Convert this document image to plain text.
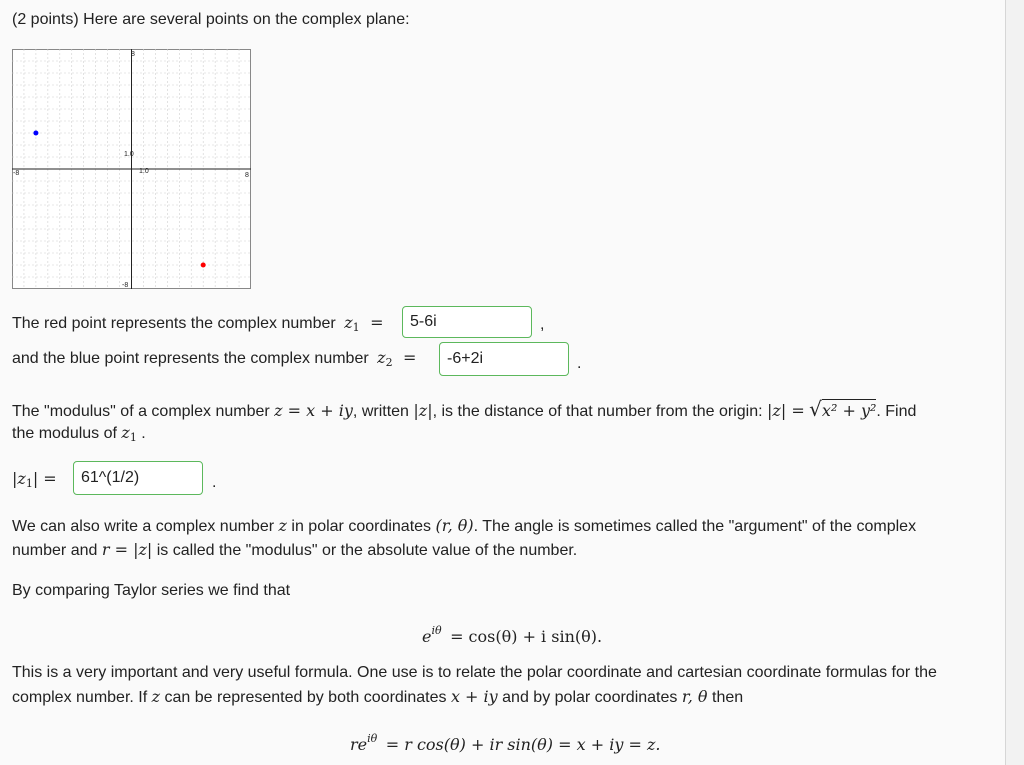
(2 points) Here are several points on the complex plane:
8
-8
-8	8
1.0
1.0
The red point represents the complex number $z_1$ =
5-6i	,
and the blue point represents the complex number $z_2$ =
-6+2i	.
The "modulus" of a complex number z = x + iy, written |z|, is the distance of that number from the origin: |z| = √x² + y². Find
the modulus of $z_1$ .
$|z_1|$ =
61^(1/2)	.
We can also write a complex number z in polar coordinates (r, θ). The angle is sometimes called the "argument" of the complex
number and r = |z| is called the "modulus" or the absolute value of the number.
By comparing Taylor series we find that
$e^{i\theta} = \cos(\theta) + i$ sin(θ).
This is a very important and very useful formula. One use is to relate the polar coordinate and cartesian coordinate formulas for the
complex number. If z can be represented by both coordinates x + iy and by polar coordinates r, θ then
$re^{i\theta} = r$ cos(θ) + ir sin(θ) = x + iy = z.
